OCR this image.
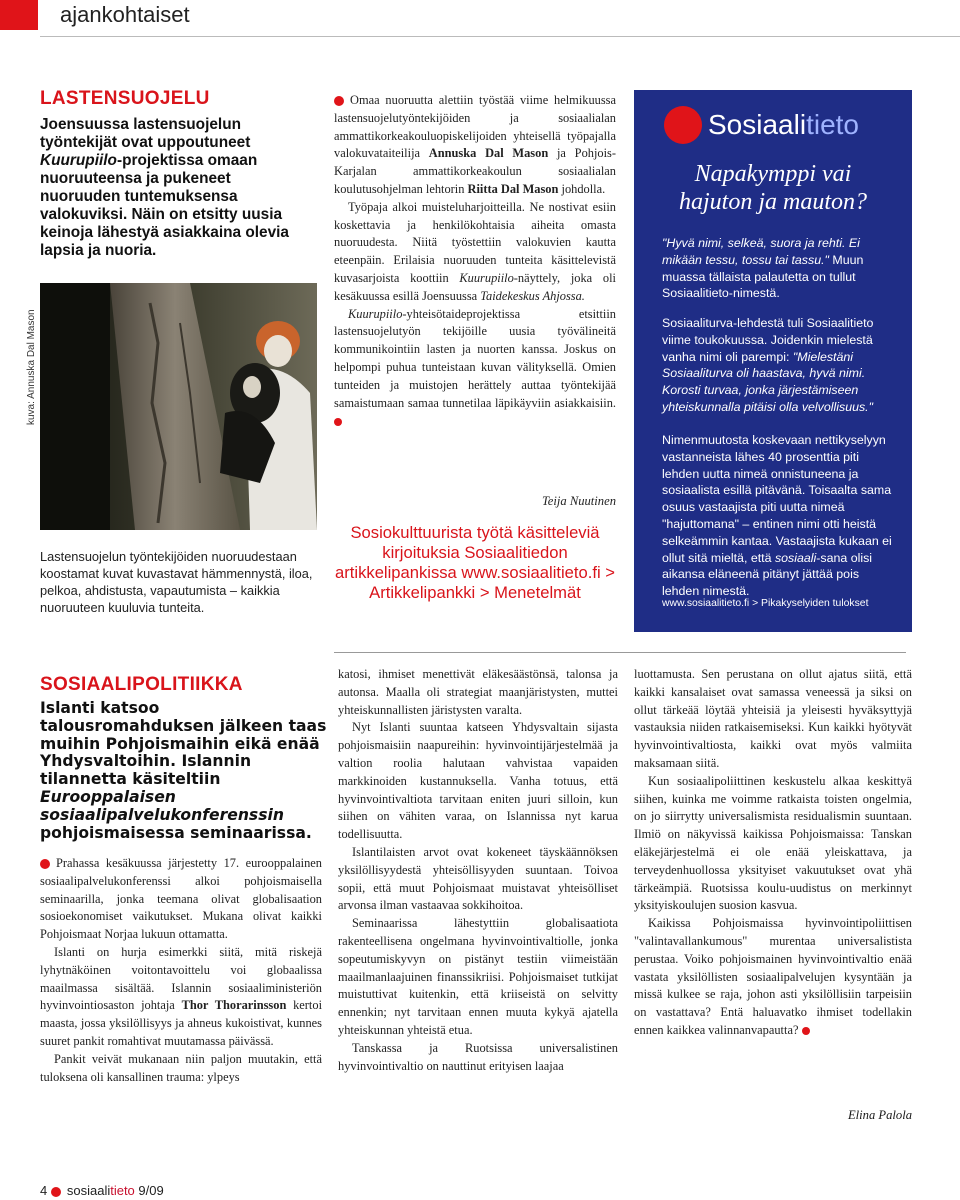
ajankohtaiset
LASTENSUOJELU
Joensuussa lastensuojelun työntekijät ovat uppoutuneet Kuurupiilo-projektissa omaan nuoruuteensa ja pukeneet nuoruuden tuntemuksensa valokuviksi. Näin on etsitty uusia keinoja lähestyä asiakkaina olevia lapsia ja nuoria.
kuva: Annuska Dal Mason
Lastensuojelun työntekijöiden nuoruudestaan koostamat kuvat kuvastavat hämmennystä, iloa, pelkoa, ahdistusta, vapautumista – kaikkia nuoruuteen kuuluvia tunteita.

Omaa nuoruutta alettiin työstää viime helmikuussa lastensuojelutyöntekijöiden ja sosiaalialan ammattikorkeakouluopiskelijoiden yhteisellä työpajalla valokuvataiteilija Annuska Dal Mason ja Pohjois-Karjalan ammattikorkeakoulun sosiaalialan koulutusohjelman lehtorin Riitta Dal Mason johdolla.

Työpaja alkoi muisteluharjoitteilla. Ne nostivat esiin koskettavia ja henkilökohtaisia aiheita omasta nuoruudesta. Niitä työstettiin valokuvien kautta eteenpäin. Erilaisia nuoruuden tunteita käsittelevistä kuvasarjoista koottiin Kuurupiilo-näyttely, joka oli kesäkuussa esillä Joensuussa Taidekeskus Ahjossa.

Kuurupiilo-yhteisötaideprojektissa etsittiin lastensuojelutyön tekijöille uusia työvälineitä kommunikointiin lasten ja nuorten kanssa. Joskus on helpompi puhua tunteistaan kuvan välityksellä. Omien tunteiden ja muistojen herättely auttaa työntekijää samaistumaan samaa tunnetilaa läpikäyviin asiakkaisiin.

Teija Nuutinen
Sosiokulttuurista työtä käsitteleviä kirjoituksia Sosiaalitiedon artikkelipankissa www.sosiaalitieto.fi > Artikkelipankki > Menetelmät
Sosiaalitieto
Napakymppi vai
hajuton ja mauton?
"Hyvä nimi, selkeä, suora ja rehti. Ei mikään tessu, tossu tai tassu." Muun muassa tällaista palautetta on tullut Sosiaalitieto-nimestä.
Sosiaaliturva-lehdestä tuli Sosiaalitieto viime toukokuussa. Joidenkin mielestä vanha nimi oli parempi: "Mielestäni Sosiaaliturva oli haastava, hyvä nimi. Korosti turvaa, jonka järjestämiseen yhteiskunnalla pitäisi olla velvollisuus."
Nimenmuutosta koskevaan nettikyselyyn vastanneista lähes 40 prosenttia piti lehden uutta nimeä onnistuneena ja sosiaalista esillä pitävänä. Toisaalta sama osuus vastaajista piti uutta nimeä "hajuttomana" – entinen nimi otti heistä selkeämmin kantaa. Vastaajista kukaan ei ollut sitä mieltä, että sosiaali-sana olisi aikansa eläneenä pitänyt jättää pois lehden nimestä.
www.sosiaalitieto.fi > Pikakyselyiden tulokset
SOSIAALIPOLITIIKKA
Islanti katsoo talousromahduksen jälkeen taas muihin Pohjoismaihin eikä enää Yhdysvaltoihin. Islannin tilannetta käsiteltiin Eurooppalaisen sosiaalipalvelukonferenssin pohjoismaisessa seminaarissa.

Prahassa kesäkuussa järjestetty 17. eurooppalainen sosiaalipalvelukonferenssi alkoi pohjoismaisella seminaarilla, jonka teemana olivat globalisaation sosioekonomiset vaikutukset. Mukana olivat kaikki Pohjoismaat Norjaa lukuun ottamatta.

Islanti on hurja esimerkki siitä, mitä riskejä lyhytnäköinen voitontavoittelu voi globaalissa maailmassa sisältää. Islannin sosiaaliministeriön hyvinvointiosaston johtaja Thor Thorarinsson kertoi maasta, jossa yksilöllisyys ja ahneus kukoistivat, kunnes suuret pankit romahtivat muutamassa päivässä.

Pankit veivät mukanaan niin paljon muutakin, että tuloksena oli kansallinen trauma: ylpeys

katosi, ihmiset menettivät eläkesäästönsä, talonsa ja autonsa. Maalla oli strategiat maanjäristysten, muttei yhteiskunnallisten järistysten varalta.

Nyt Islanti suuntaa katseen Yhdysvaltain sijasta pohjoismaisiin naapureihin: hyvinvointijärjestelmää ja valtion roolia halutaan vahvistaa vapaiden markkinoiden kustannuksella. Vanha totuus, että hyvinvointivaltiota tarvitaan eniten juuri silloin, kun siihen on vähiten varaa, on Islannissa nyt karua todellisuutta.

Islantilaisten arvot ovat kokeneet täyskäännöksen yksilöllisyydestä yhteisöllisyyden suuntaan. Toivoa sopii, että muut Pohjoismaat muistavat yhteisölliset arvonsa ilman vastaavaa sokkihoitoa.

Seminaarissa lähestyttiin globalisaatiota rakenteellisena ongelmana hyvinvointivaltiolle, jonka sopeutumiskyvyn on pistänyt testiin viimeistään maailmanlaajuinen finanssikriisi. Pohjoismaiset tutkijat muistuttivat kuitenkin, että kriiseistä on selvitty ennenkin; nyt tarvitaan ennen muuta kykyä ajatella yhteiskunnan yhteistä etua.

Tanskassa ja Ruotsissa universalistinen hyvinvointivaltio on nauttinut erityisen laajaa

luottamusta. Sen perustana on ollut ajatus siitä, että kaikki kansalaiset ovat samassa veneessä ja siksi on ollut tärkeää löytää yhteisiä ja yleisesti hyväksyttyjä vastauksia niiden ratkaisemiseksi. Kun kaikki hyötyvät hyvinvointivaltiosta, kaikki ovat myös valmiita maksamaan siitä.

Kun sosiaalipoliittinen keskustelu alkaa keskittyä siihen, kuinka me voimme ratkaista toisten ongelmia, on jo siirrytty universalismista residualismin suuntaan. Ilmiö on näkyvissä kaikissa Pohjoismaissa: Tanskan eläkejärjestelmä ei ole enää yleiskattava, ja terveydenhuollossa yksityiset vakuutukset ovat yhä tärkeämpiä. Ruotsissa koulu-uudistus on merkinnyt yksityiskoulujen suosion kasvua.

Kaikissa Pohjoismaissa hyvinvointipoliittisen "valintavallankumous" murentaa universalistista perustaa. Voiko pohjoismainen hyvinvointivaltio enää vastata yksilöllisten sosiaalipalvelujen kysyntään ja missä kulkee se raja, johon asti yksilöllisiin tarpeisiin on vastattava? Entä haluavatko ihmiset todellakin ennen kaikkea valinnanvapautta?

Elina Palola
4 sosiaalitieto 9/09
